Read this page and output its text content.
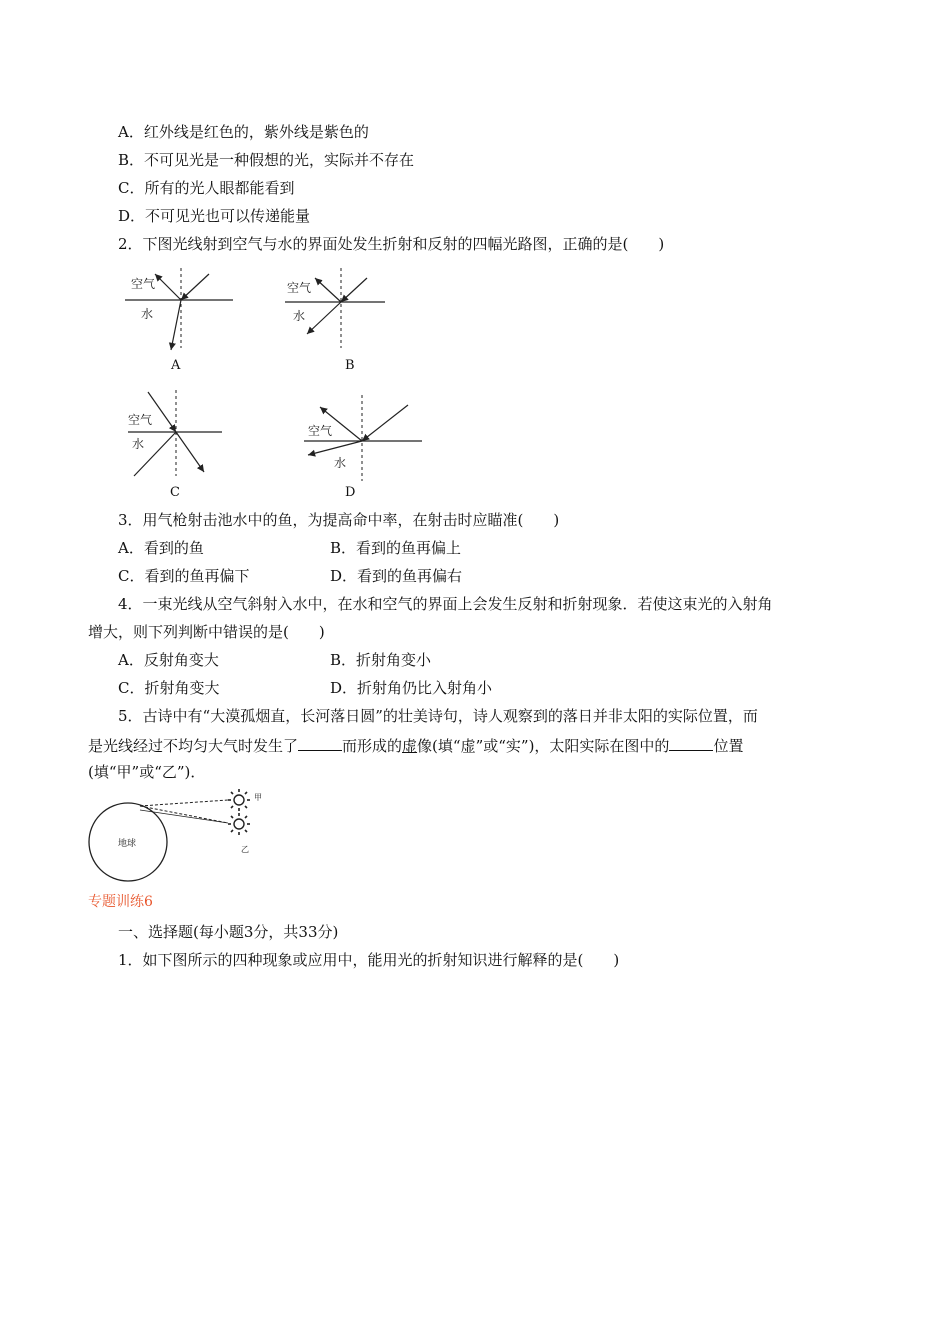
A．红外线是红色的，紫外线是紫色的
B．不可见光是一种假想的光，实际并不存在
C．所有的光人眼都能看到
D．不可见光也可以传递能量
2．下图光线射到空气与水的界面处发生折射和反射的四幅光路图，正确的是(　　)
空气
水
A
空气
水
B
空气
水
C
空气
水
D
3．用气枪射击池水中的鱼，为提高命中率，在射击时应瞄准(　　)
A．看到的鱼	B．看到的鱼再偏上
C．看到的鱼再偏下	D．看到的鱼再偏右
4．一束光线从空气斜射入水中，在水和空气的界面上会发生反射和折射现象．若使这束光的入射角
增大，则下列判断中错误的是(　　)
A．反射角变大	B．折射角变小
C．折射角变大	D．折射角仍比入射角小
5．古诗中有“大漠孤烟直，长河落日圆”的壮美诗句，诗人观察到的落日并非太阳的实际位置，而
是光线经过不均匀大气时发生了	而形成的虚像(填“虚”或“实”)，太阳实际在图中的	位置
(填“甲”或“乙”)．
地球
甲
乙
专题训练6
一、选择题(每小题3分，共33分)
1．如下图所示的四种现象或应用中，能用光的折射知识进行解释的是(　　)
